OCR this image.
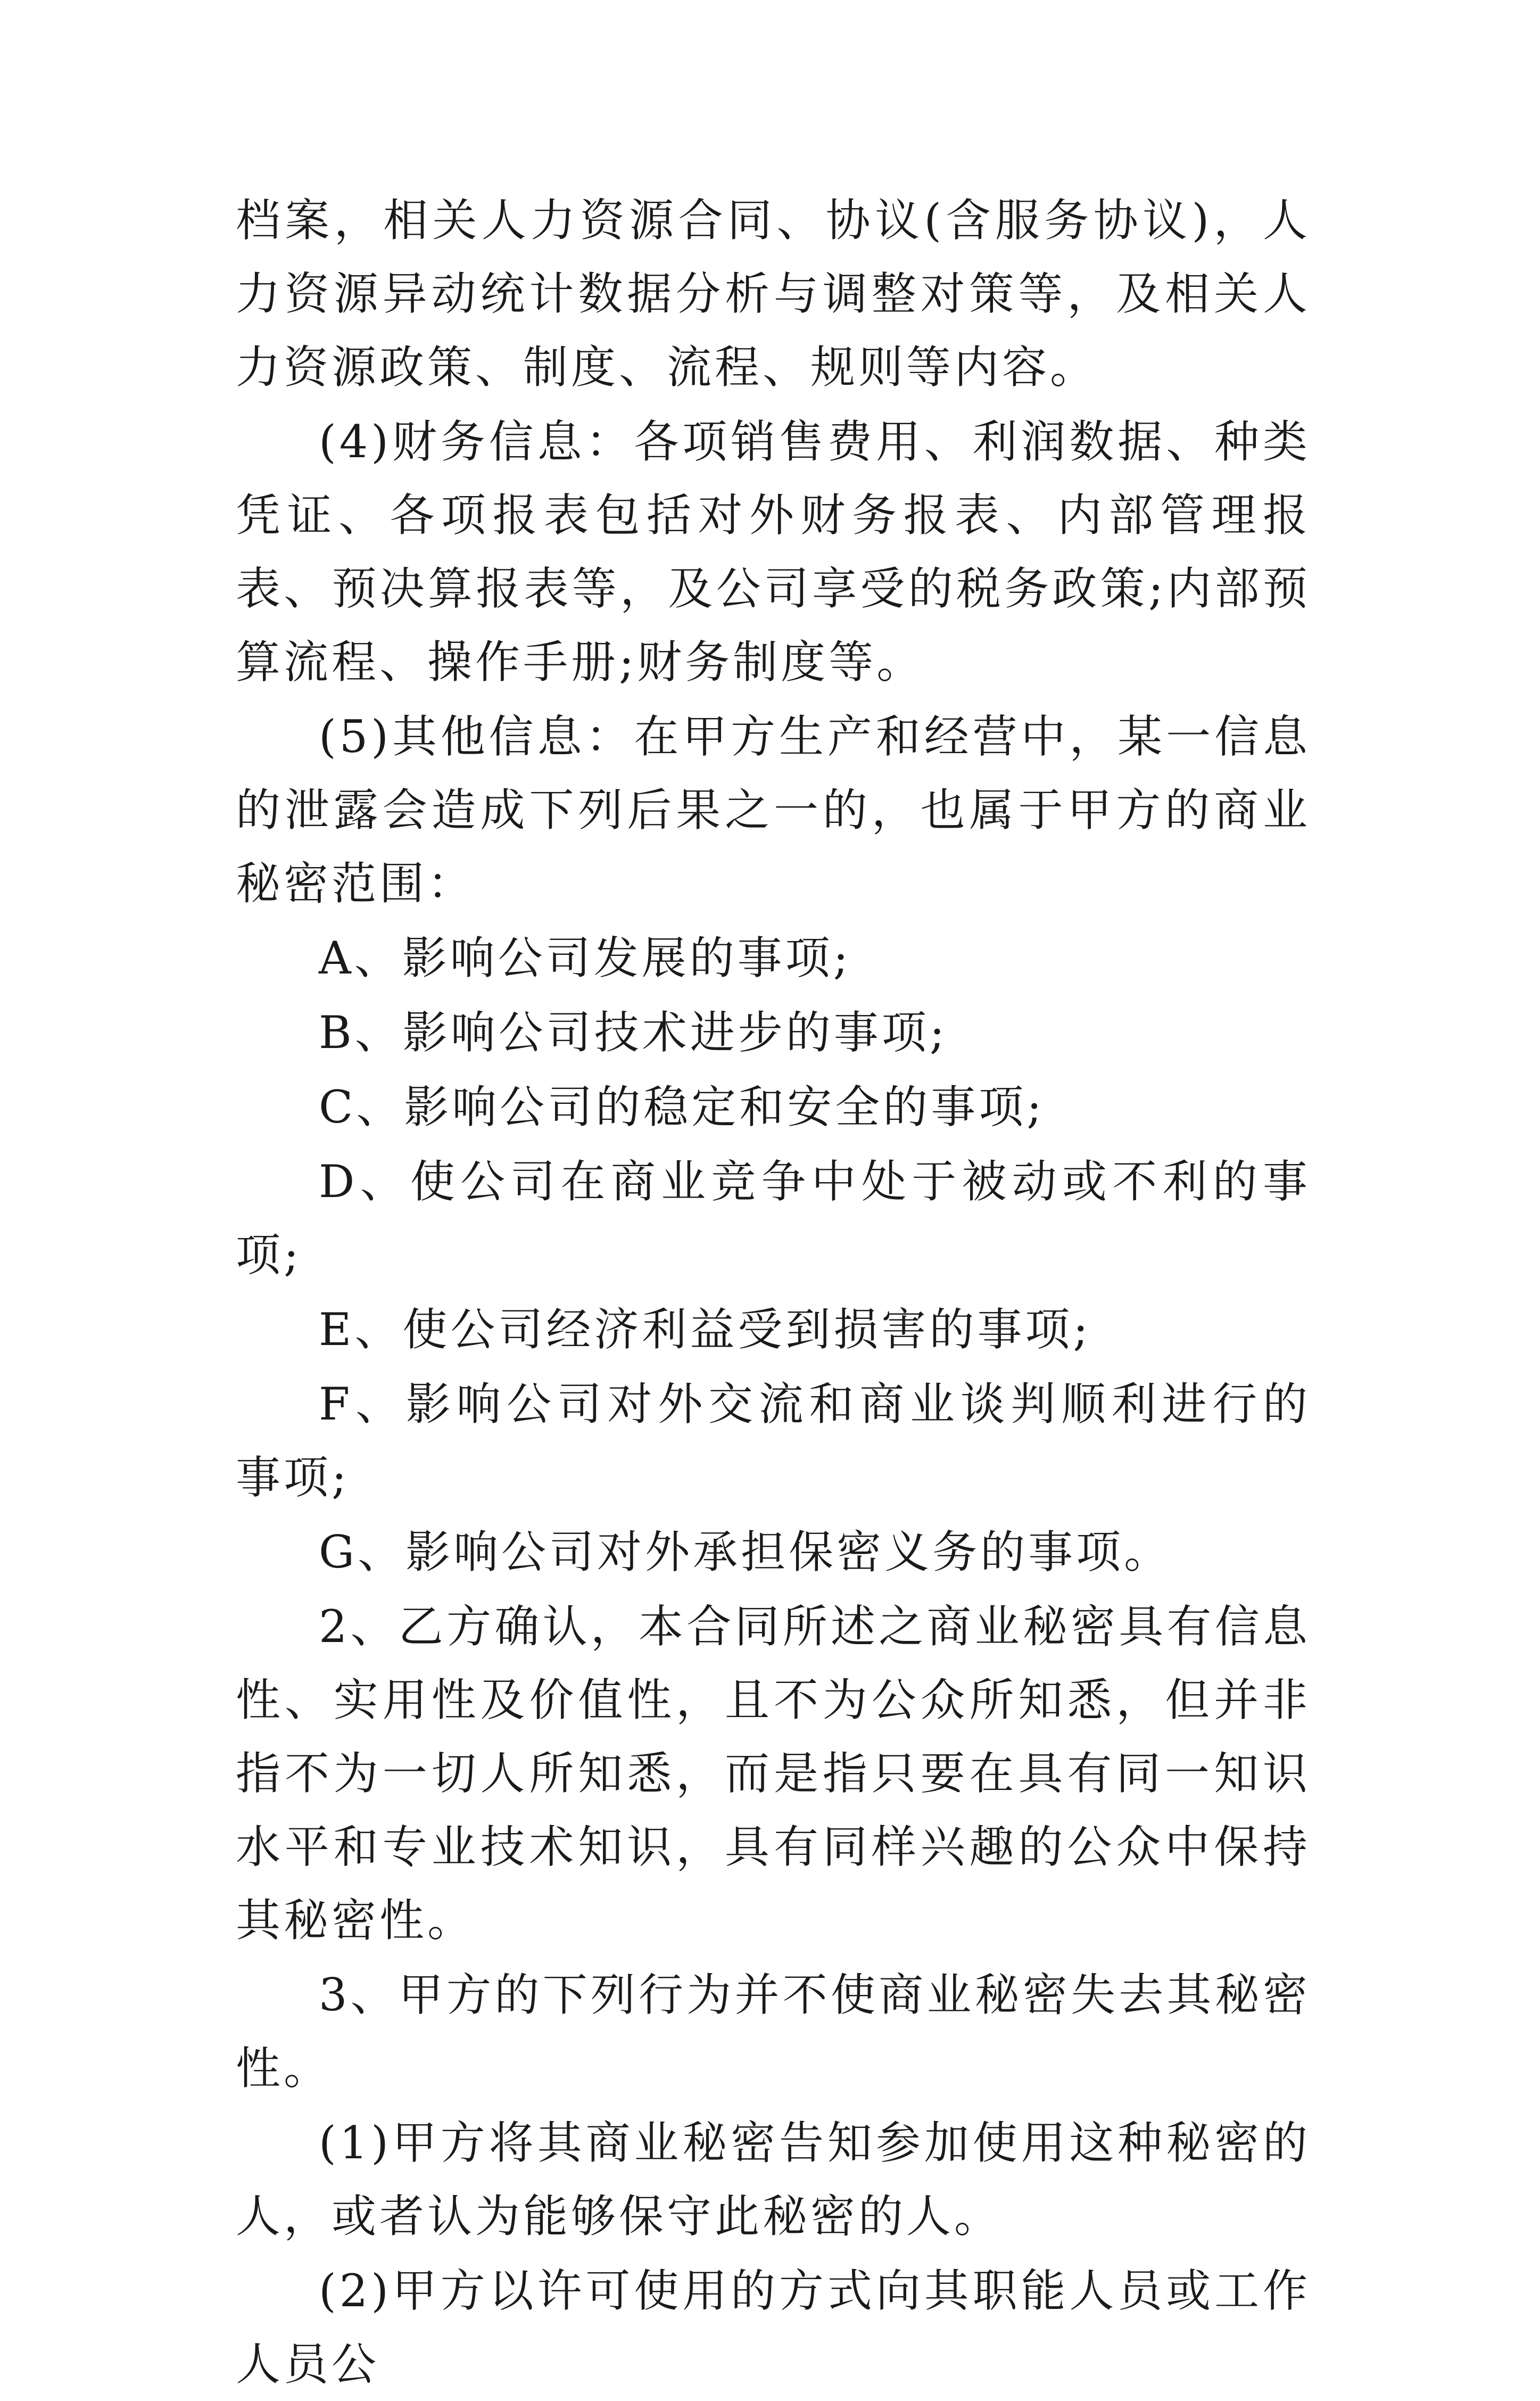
档案，相关人力资源合同、协议(含服务协议)，人力资源异动统计数据分析与调整对策等，及相关人力资源政策、制度、流程、规则等内容。

(4)财务信息：各项销售费用、利润数据、种类凭证、各项报表包括对外财务报表、内部管理报表、预决算报表等，及公司享受的税务政策;内部预算流程、操作手册;财务制度等。

(5)其他信息：在甲方生产和经营中，某一信息的泄露会造成下列后果之一的，也属于甲方的商业秘密范围：

A、影响公司发展的事项;

B、影响公司技术进步的事项;

C、影响公司的稳定和安全的事项;

D、使公司在商业竞争中处于被动或不利的事项;

E、使公司经济利益受到损害的事项;

F、影响公司对外交流和商业谈判顺利进行的事项;

G、影响公司对外承担保密义务的事项。

2、乙方确认，本合同所述之商业秘密具有信息性、实用性及价值性，且不为公众所知悉，但并非指不为一切人所知悉，而是指只要在具有同一知识水平和专业技术知识，具有同样兴趣的公众中保持其秘密性。

3、甲方的下列行为并不使商业秘密失去其秘密性。

(1)甲方将其商业秘密告知参加使用这种秘密的人，或者认为能够保守此秘密的人。

(2)甲方以许可使用的方式向其职能人员或工作人员公
